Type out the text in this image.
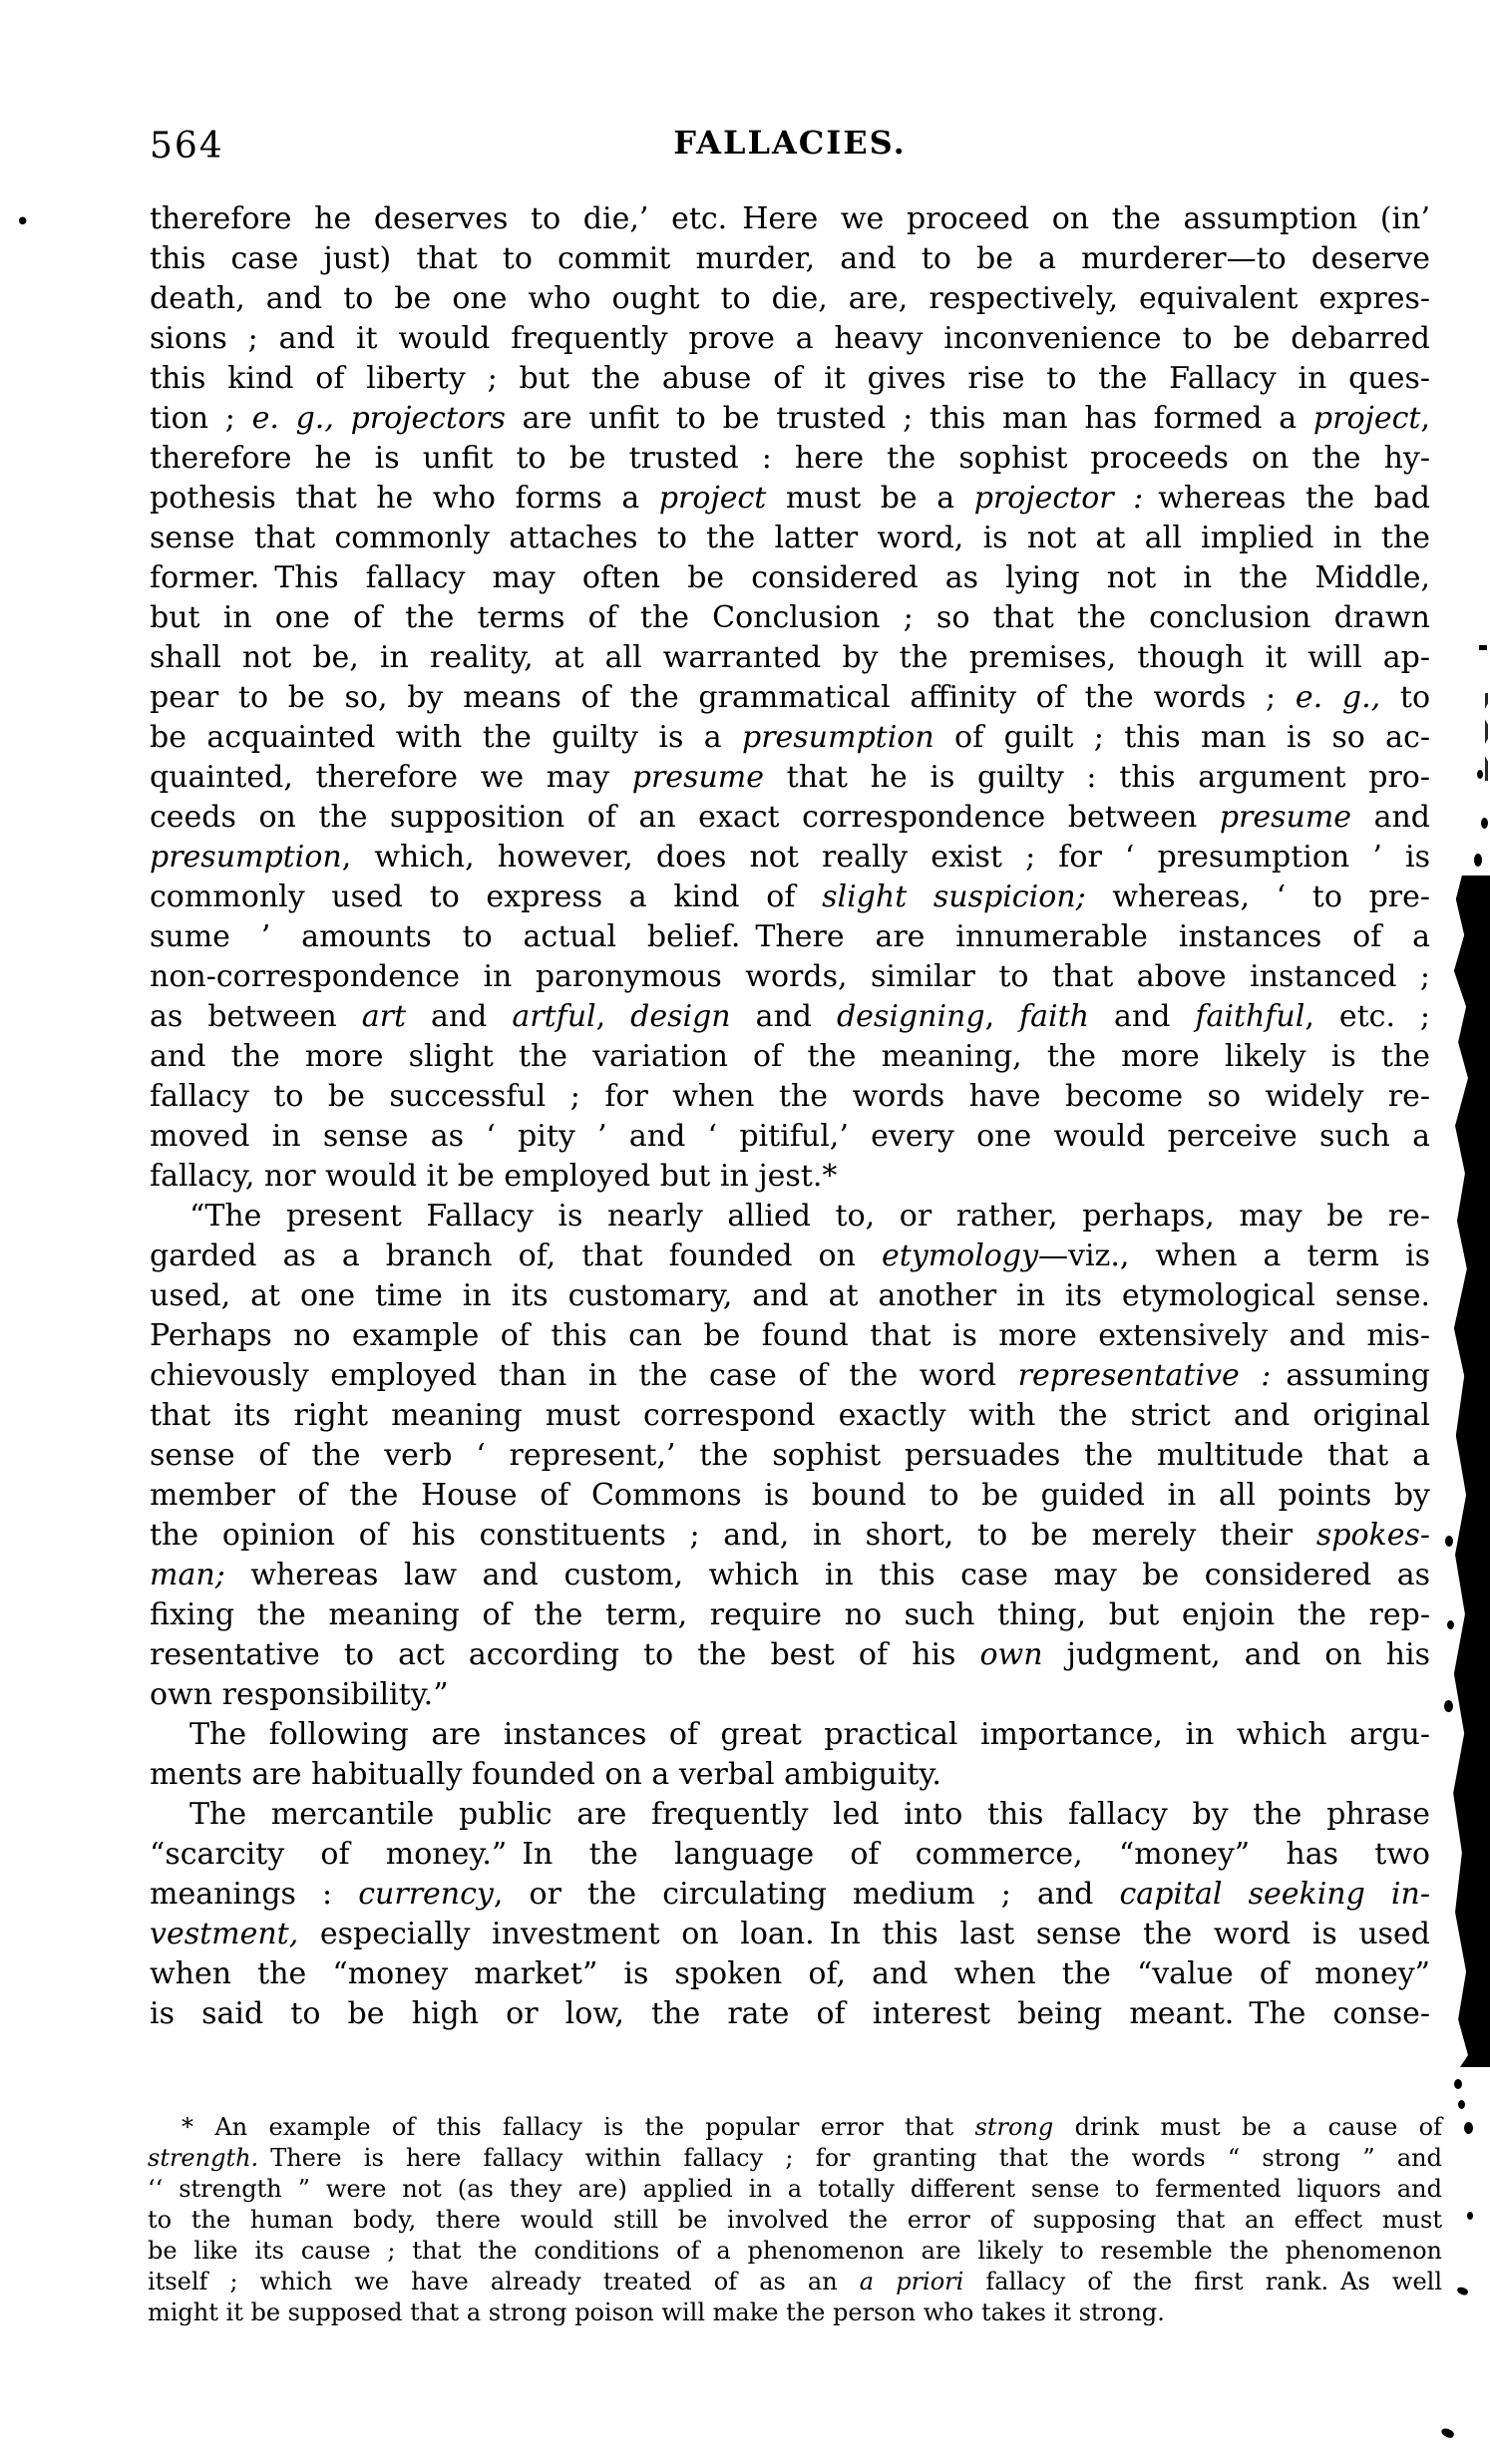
•
564	FALLACIES.

therefore he deserves to die,’ etc. Here we proceed on the assumption (in’
this case just) that to commit murder, and to be a murderer—to deserve
death, and to be one who ought to die, are, respectively, equivalent expres-
sions ; and it would frequently prove a heavy inconvenience to be debarred
this kind of liberty ; but the abuse of it gives rise to the Fallacy in ques-
tion ; e. g., projectors are unfit to be trusted ; this man has formed a project,
therefore he is unfit to be trusted : here the sophist proceeds on the hy-
pothesis that he who forms a project must be a projector : whereas the bad
sense that commonly attaches to the latter word, is not at all implied in the
former. This fallacy may often be considered as lying not in the Middle,
but in one of the terms of the Conclusion ; so that the conclusion drawn
shall not be, in reality, at all warranted by the premises, though it will ap-
pear to be so, by means of the grammatical affinity of the words ; e. g., to
be acquainted with the guilty is a presumption of guilt ; this man is so ac-
quainted, therefore we may presume that he is guilty : this argument pro-
ceeds on the supposition of an exact correspondence between presume and
presumption, which, however, does not really exist ; for ‘ presumption ’ is
commonly used to express a kind of slight suspicion; whereas, ‘ to pre-
sume ’ amounts to actual belief. There are innumerable instances of a
non-correspondence in paronymous words, similar to that above instanced ;
as between art and artful, design and designing, faith and faithful, etc. ;
and the more slight the variation of the meaning, the more likely is the
fallacy to be successful ; for when the words have become so widely re-
moved in sense as ‘ pity ’ and ‘ pitiful,’ every one would perceive such a
fallacy, nor would it be employed but in jest.*

“The present Fallacy is nearly allied to, or rather, perhaps, may be re-
garded as a branch of, that founded on etymology—viz., when a term is
used, at one time in its customary, and at another in its etymological sense.
Perhaps no example of this can be found that is more extensively and mis-
chievously employed than in the case of the word representative : assuming
that its right meaning must correspond exactly with the strict and original
sense of the verb ‘ represent,’ the sophist persuades the multitude that a
member of the House of Commons is bound to be guided in all points by
the opinion of his constituents ; and, in short, to be merely their spokes-
man; whereas law and custom, which in this case may be considered as
fixing the meaning of the term, require no such thing, but enjoin the rep-
resentative to act according to the best of his own judgment, and on his
own responsibility.”

The following are instances of great practical importance, in which argu-
ments are habitually founded on a verbal ambiguity.

The mercantile public are frequently led into this fallacy by the phrase
“scarcity of money.” In the language of commerce, “money” has two
meanings : currency, or the circulating medium ; and capital seeking in-
vestment, especially investment on loan. In this last sense the word is used
when the “money market” is spoken of, and when the “value of money”
is said to be high or low, the rate of interest being meant. The conse-

* An example of this fallacy is the popular error that strong drink must be a cause of
strength. There is here fallacy within fallacy ; for granting that the words “ strong ” and
‘‘ strength ” were not (as they are) applied in a totally different sense to fermented liquors and
to the human body, there would still be involved the error of supposing that an effect must
be like its cause ; that the conditions of a phenomenon are likely to resemble the phenomenon
itself ; which we have already treated of as an a priori fallacy of the first rank. As well
might it be supposed that a strong poison will make the person who takes it strong.
